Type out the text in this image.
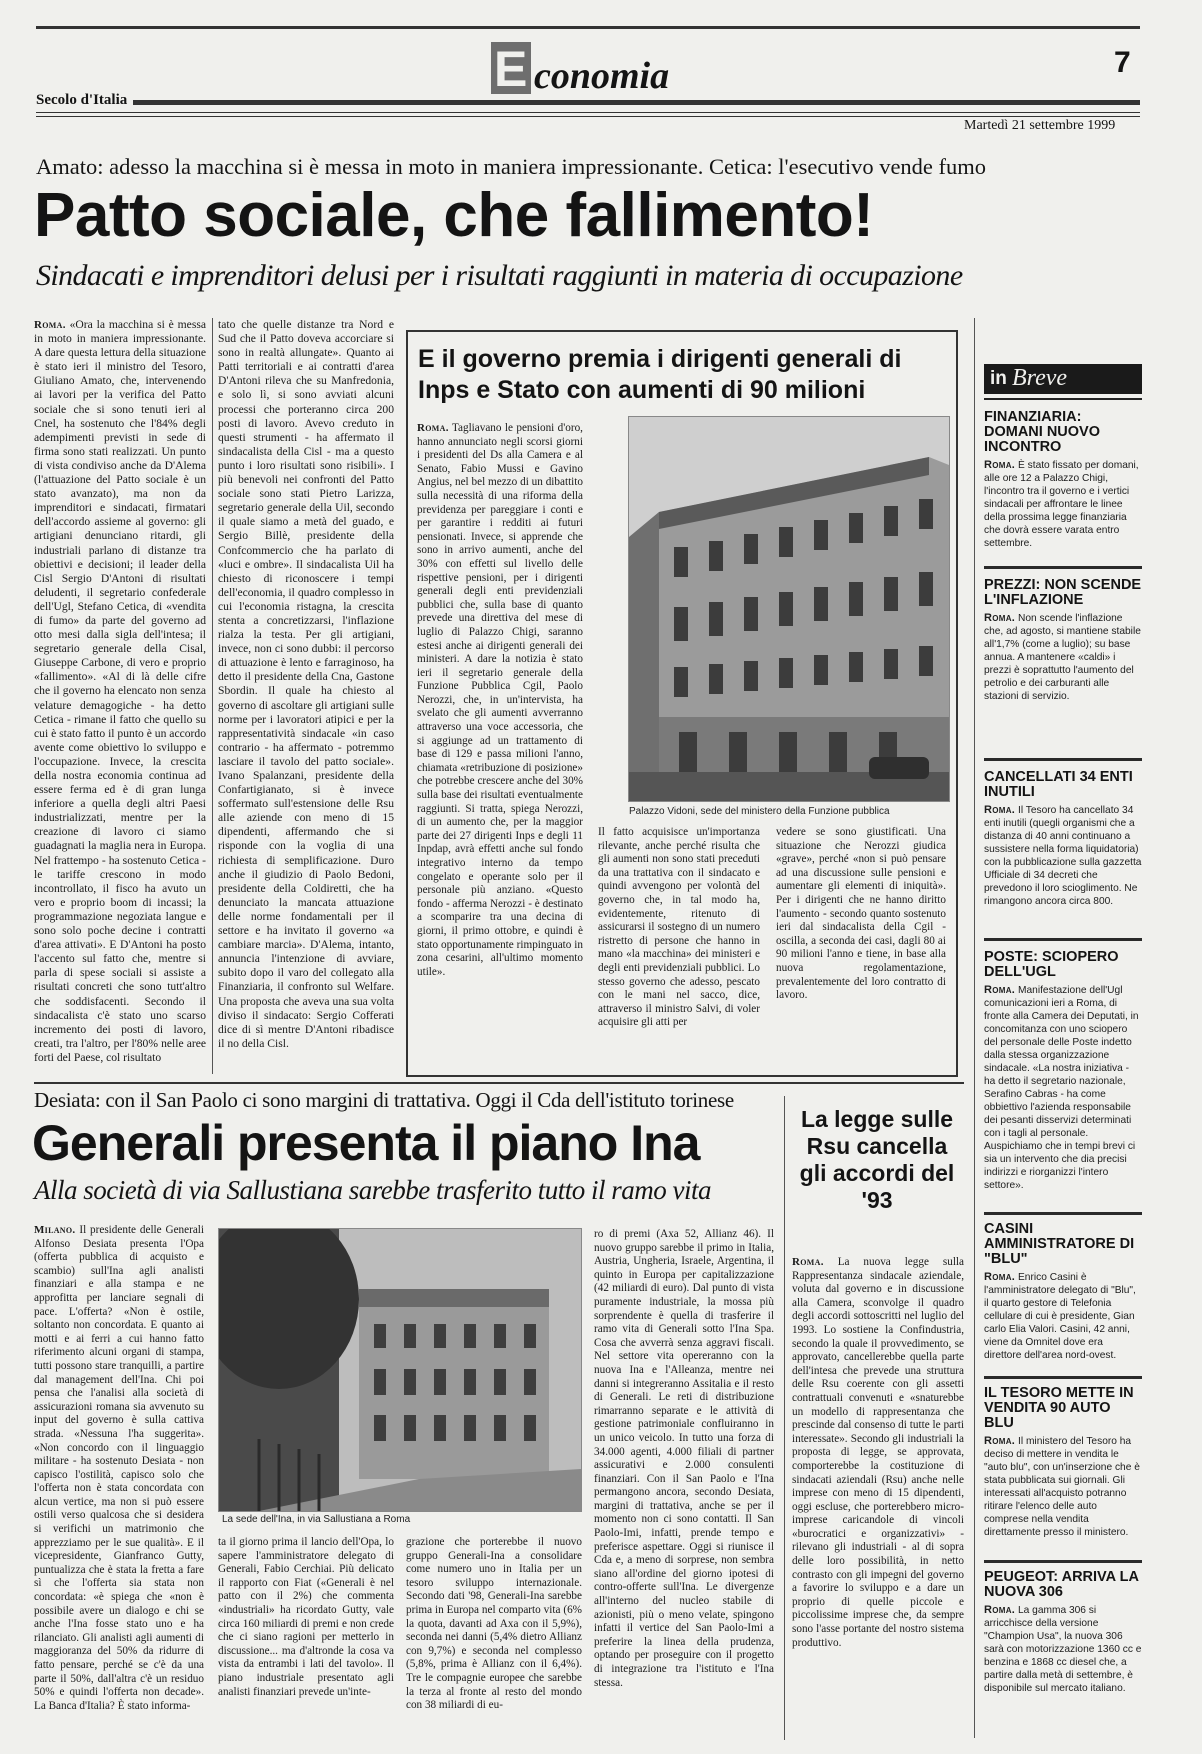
E conomia	7
Secolo d'Italia
Martedì 21 settembre 1999
Amato: adesso la macchina si è messa in moto in maniera impressionante. Cetica: l'esecutivo vende fumo
Patto sociale, che fallimento!
Sindacati e imprenditori delusi per i risultati raggiunti in materia di occupazione

Roma. «Ora la macchina si è messa in moto in maniera impressionante. A dare questa lettura della situazione è stato ieri il ministro del Tesoro, Giuliano Amato, che, intervenendo ai lavori per la verifica del Patto sociale che si sono tenuti ieri al Cnel, ha sostenuto che l'84% degli adempimenti previsti in sede di firma sono stati realizzati. Un punto di vista condiviso anche da D'Alema (l'attuazione del Patto sociale è un stato avanzato), ma non da imprenditori e sindacati, firmatari dell'accordo assieme al governo: gli artigiani denunciano ritardi, gli industriali parlano di distanze tra obiettivi e decisioni; il leader della Cisl Sergio D'Antoni di risultati deludenti, il segretario confederale dell'Ugl, Stefano Cetica, di «vendita di fumo» da parte del governo ad otto mesi dalla sigla dell'intesa; il segretario generale della Cisal, Giuseppe Carbone, di vero e proprio «fallimento». «Al di là delle cifre che il governo ha elencato non senza velature demagogiche - ha detto Cetica - rimane il fatto che quello su cui è stato fatto il punto è un accordo avente come obiettivo lo sviluppo e l'occupazione. Invece, la crescita della nostra economia continua ad essere ferma ed è di gran lunga inferiore a quella degli altri Paesi industrializzati, mentre per la creazione di lavoro ci siamo guadagnati la maglia nera in Europa. Nel frattempo - ha sostenuto Cetica - le tariffe crescono in modo incontrollato, il fisco ha avuto un vero e proprio boom di incassi; la programmazione negoziata langue e sono solo poche decine i contratti d'area attivati». E D'Antoni ha posto l'accento sul fatto che, mentre si parla di spese sociali si assiste a risultati concreti che sono tutt'altro che soddisfacenti. Secondo il sindacalista c'è stato uno scarso incremento dei posti di lavoro, creati, tra l'altro, per l'80% nelle aree forti del Paese, col risultato

tato che quelle distanze tra Nord e Sud che il Patto doveva accorciare si sono in realtà allungate». Quanto ai Patti territoriali e ai contratti d'area D'Antoni rileva che su Manfredonia, e solo lì, si sono avviati alcuni processi che porteranno circa 200 posti di lavoro. Avevo creduto in questi strumenti - ha affermato il sindacalista della Cisl - ma a questo punto i loro risultati sono risibili». I più benevoli nei confronti del Patto sociale sono stati Pietro Larizza, segretario generale della Uil, secondo il quale siamo a metà del guado, e Sergio Billè, presidente della Confcommercio che ha parlato di «luci e ombre». Il sindacalista Uil ha chiesto di riconoscere i tempi dell'economia, il quadro complesso in cui l'economia ristagna, la crescita stenta a concretizzarsi, l'inflazione rialza la testa. Per gli artigiani, invece, non ci sono dubbi: il percorso di attuazione è lento e farraginoso, ha detto il presidente della Cna, Gastone Sbordin. Il quale ha chiesto al governo di ascoltare gli artigiani sulle norme per i lavoratori atipici e per la rappresentatività sindacale «in caso contrario - ha affermato - potremmo lasciare il tavolo del patto sociale». Ivano Spalanzani, presidente della Confartigianato, si è invece soffermato sull'estensione delle Rsu alle aziende con meno di 15 dipendenti, affermando che si risponde con la voglia di una richiesta di semplificazione. Duro anche il giudizio di Paolo Bedoni, presidente della Coldiretti, che ha denunciato la mancata attuazione delle norme fondamentali per il settore e ha invitato il governo «a cambiare marcia». D'Alema, intanto, annuncia l'intenzione di avviare, subito dopo il varo del collegato alla Finanziaria, il confronto sul Welfare. Una proposta che aveva una sua volta diviso il sindacato: Sergio Cofferati dice di sì mentre D'Antoni ribadisce il no della Cisl.

E il governo premia i dirigenti generali di Inps e Stato con aumenti di 90 milioni

Roma. Tagliavano le pensioni d'oro, hanno annunciato negli scorsi giorni i presidenti del Ds alla Camera e al Senato, Fabio Mussi e Gavino Angius, nel bel mezzo di un dibattito sulla necessità di una riforma della previdenza per pareggiare i conti e per garantire i redditi ai futuri pensionati. Invece, si apprende che sono in arrivo aumenti, anche del 30% con effetti sul livello delle rispettive pensioni, per i dirigenti generali degli enti previdenziali pubblici che, sulla base di quanto prevede una direttiva del mese di luglio di Palazzo Chigi, saranno estesi anche ai dirigenti generali dei ministeri. A dare la notizia è stato ieri il segretario generale della Funzione Pubblica Cgil, Paolo Nerozzi, che, in un'intervista, ha svelato che gli aumenti avverranno attraverso una voce accessoria, che si aggiunge ad un trattamento di base di 129 e passa milioni l'anno, chiamata «retribuzione di posizione» che potrebbe crescere anche del 30% sulla base dei risultati eventualmente raggiunti. Si tratta, spiega Nerozzi, di un aumento che, per la maggior parte dei 27 dirigenti Inps e degli 11 Inpdap, avrà effetti anche sul fondo integrativo interno da tempo congelato e operante solo per il personale più anziano. «Questo fondo - afferma Nerozzi - è destinato a scomparire tra una decina di giorni, il primo ottobre, e quindi è stato opportunamente rimpinguato in zona cesarini, all'ultimo momento utile».

Palazzo Vidoni, sede del ministero della Funzione pubblica

Il fatto acquisisce un'importanza rilevante, anche perché risulta che gli aumenti non sono stati preceduti da una trattativa con il sindacato e quindi avvengono per volontà del governo che, in tal modo ha, evidentemente, ritenuto di assicurarsi il sostegno di un numero ristretto di persone che hanno in mano «la macchina» dei ministeri e degli enti previdenziali pubblici. Lo stesso governo che adesso, pescato con le mani nel sacco, dice, attraverso il ministro Salvi, di voler acquisire gli atti per

vedere se sono giustificati. Una situazione che Nerozzi giudica «grave», perché «non si può pensare ad una discussione sulle pensioni e aumentare gli elementi di iniquità». Per i dirigenti che ne hanno diritto l'aumento - secondo quanto sostenuto ieri dal sindacalista della Cgil - oscilla, a seconda dei casi, dagli 80 ai 90 milioni l'anno e tiene, in base alla nuova regolamentazione, prevalentemente del loro contratto di lavoro.

in Breve
FINANZIARIA: DOMANI NUOVO INCONTRO

Roma. È stato fissato per domani, alle ore 12 a Palazzo Chigi, l'incontro tra il governo e i vertici sindacali per affrontare le linee della prossima legge finanziaria che dovrà essere varata entro settembre.

PREZZI: NON SCENDE L'INFLAZIONE

Roma. Non scende l'inflazione che, ad agosto, si mantiene stabile all'1,7% (come a luglio); su base annua. A mantenere «caldi» i prezzi è soprattutto l'aumento del petrolio e dei carburanti alle stazioni di servizio.

CANCELLATI 34 ENTI INUTILI

Roma. Il Tesoro ha cancellato 34 enti inutili (quegli organismi che a distanza di 40 anni continuano a sussistere nella forma liquidatoria) con la pubblicazione sulla gazzetta Ufficiale di 34 decreti che prevedono il loro scioglimento. Ne rimangono ancora circa 800.

POSTE: SCIOPERO DELL'UGL

Roma. Manifestazione dell'Ugl comunicazioni ieri a Roma, di fronte alla Camera dei Deputati, in concomitanza con uno sciopero del personale delle Poste indetto dalla stessa organizzazione sindacale. «La nostra iniziativa - ha detto il segretario nazionale, Serafino Cabras - ha come obbiettivo l'azienda responsabile dei pesanti disservizi determinati con i tagli al personale. Auspichiamo che in tempi brevi ci sia un intervento che dia precisi indirizzi e riorganizzi l'intero settore».

CASINI AMMINISTRATORE DI "BLU"

Roma. Enrico Casini è l'amministratore delegato di "Blu", il quarto gestore di Telefonia cellulare di cui è presidente, Gian carlo Elia Valori. Casini, 42 anni, viene da Omnitel dove era direttore dell'area nord-ovest.

IL TESORO METTE IN VENDITA 90 AUTO BLU

Roma. Il ministero del Tesoro ha deciso di mettere in vendita le "auto blu", con un'inserzione che è stata pubblicata sui giornali. Gli interessati all'acquisto potranno ritirare l'elenco delle auto comprese nella vendita direttamente presso il ministero.

PEUGEOT: ARRIVA LA NUOVA 306

Roma. La gamma 306 si arricchisce della versione "Champion Usa", la nuova 306 sarà con motorizzazione 1360 cc e benzina e 1868 cc diesel che, a partire dalla metà di settembre, è disponibile sul mercato italiano.

Desiata: con il San Paolo ci sono margini di trattativa. Oggi il Cda dell'istituto torinese
Generali presenta il piano Ina
Alla società di via Sallustiana sarebbe trasferito tutto il ramo vita

Milano. Il presidente delle Generali Alfonso Desiata presenta l'Opa (offerta pubblica di acquisto e scambio) sull'Ina agli analisti finanziari e alla stampa e ne approfitta per lanciare segnali di pace. L'offerta? «Non è ostile, soltanto non concordata. E quanto ai motti e ai ferri a cui hanno fatto riferimento alcuni organi di stampa, tutti possono stare tranquilli, a partire dal management dell'Ina. Chi poi pensa che l'analisi alla società di assicurazioni romana sia avvenuto su input del governo è sulla cattiva strada. «Nessuna l'ha suggerita». «Non concordo con il linguaggio militare - ha sostenuto Desiata - non capisco l'ostilità, capisco solo che l'offerta non è stata concordata con alcun vertice, ma non si può essere ostili verso qualcosa che si desidera si verifichi un matrimonio che apprezziamo per le sue qualità». E il vicepresidente, Gianfranco Gutty, puntualizza che è stata la fretta a fare sì che l'offerta sia stata non concordata: «è spiega che «non è possibile avere un dialogo e chi se anche l'Ina fosse stato uno e ha rilanciato. Gli analisti agli aumenti di maggioranza del 50% da ridurre di fatto pensare, perché se c'è da una parte il 50%, dall'altra c'è un residuo 50% e quindi l'offerta non decade». La Banca d'Italia? È stato informa-

La sede dell'Ina, in via Sallustiana a Roma

ta il giorno prima il lancio dell'Opa, lo sapere l'amministratore delegato di Generali, Fabio Cerchiai. Più delicato il rapporto con Fiat («Generali è nel patto con il 2%) che commenta «industriali» ha ricordato Gutty, vale circa 160 miliardi di premi e non crede che ci siano ragioni per metterlo in discussione... ma d'altronde la cosa va vista da entrambi i lati del tavolo». Il piano industriale presentato agli analisti finanziari prevede un'inte-

grazione che porterebbe il nuovo gruppo Generali-Ina a consolidare come numero uno in Italia per un tesoro sviluppo internazionale. Secondo dati '98, Generali-Ina sarebbe prima in Europa nel comparto vita (6% la quota, davanti ad Axa con il 5,9%), seconda nei danni (5,4% dietro Allianz con 9,7%) e seconda nel complesso (5,8%, prima è Allianz con il 6,4%). Tre le compagnie europee che sarebbe la terza al fronte al resto del mondo con 38 miliardi di eu-

ro di premi (Axa 52, Allianz 46). Il nuovo gruppo sarebbe il primo in Italia, Austria, Ungheria, Israele, Argentina, il quinto in Europa per capitalizzazione (42 miliardi di euro). Dal punto di vista puramente industriale, la mossa più sorprendente è quella di trasferire il ramo vita di Generali sotto l'Ina Spa. Cosa che avverrà senza aggravi fiscali. Nel settore vita opereranno con la nuova Ina e l'Alleanza, mentre nei danni si integreranno Assitalia e il resto di Generali. Le reti di distribuzione rimarranno separate e le attività di gestione patrimoniale confluiranno in un unico veicolo. In tutto una forza di 34.000 agenti, 4.000 filiali di partner assicurativi e 2.000 consulenti finanziari. Con il San Paolo e l'Ina permangono ancora, secondo Desiata, margini di trattativa, anche se per il momento non ci sono contatti. Il San Paolo-Imi, infatti, prende tempo e preferisce aspettare. Oggi si riunisce il Cda e, a meno di sorprese, non sembra siano all'ordine del giorno ipotesi di contro-offerte sull'Ina. Le divergenze all'interno del nucleo stabile di azionisti, più o meno velate, spingono infatti il vertice del San Paolo-Imi a preferire la linea della prudenza, optando per proseguire con il progetto di integrazione tra l'istituto e l'Ina stessa.

La legge sulle Rsu cancella gli accordi del '93

Roma. La nuova legge sulla Rappresentanza sindacale aziendale, voluta dal governo e in discussione alla Camera, sconvolge il quadro degli accordi sottoscritti nel luglio del 1993. Lo sostiene la Confindustria, secondo la quale il provvedimento, se approvato, cancellerebbe quella parte dell'intesa che prevede una struttura delle Rsu coerente con gli assetti contrattuali convenuti e «snaturebbe un modello di rappresentanza che prescinde dal consenso di tutte le parti interessate». Secondo gli industriali la proposta di legge, se approvata, comporterebbe la costituzione di sindacati aziendali (Rsu) anche nelle imprese con meno di 15 dipendenti, oggi escluse, che porterebbero micro-imprese caricandole di vincoli «burocratici e organizzativi» - rilevano gli industriali - al di sopra delle loro possibilità, in netto contrasto con gli impegni del governo a favorire lo sviluppo e a dare un proprio di quelle piccole e piccolissime imprese che, da sempre sono l'asse portante del nostro sistema produttivo.
